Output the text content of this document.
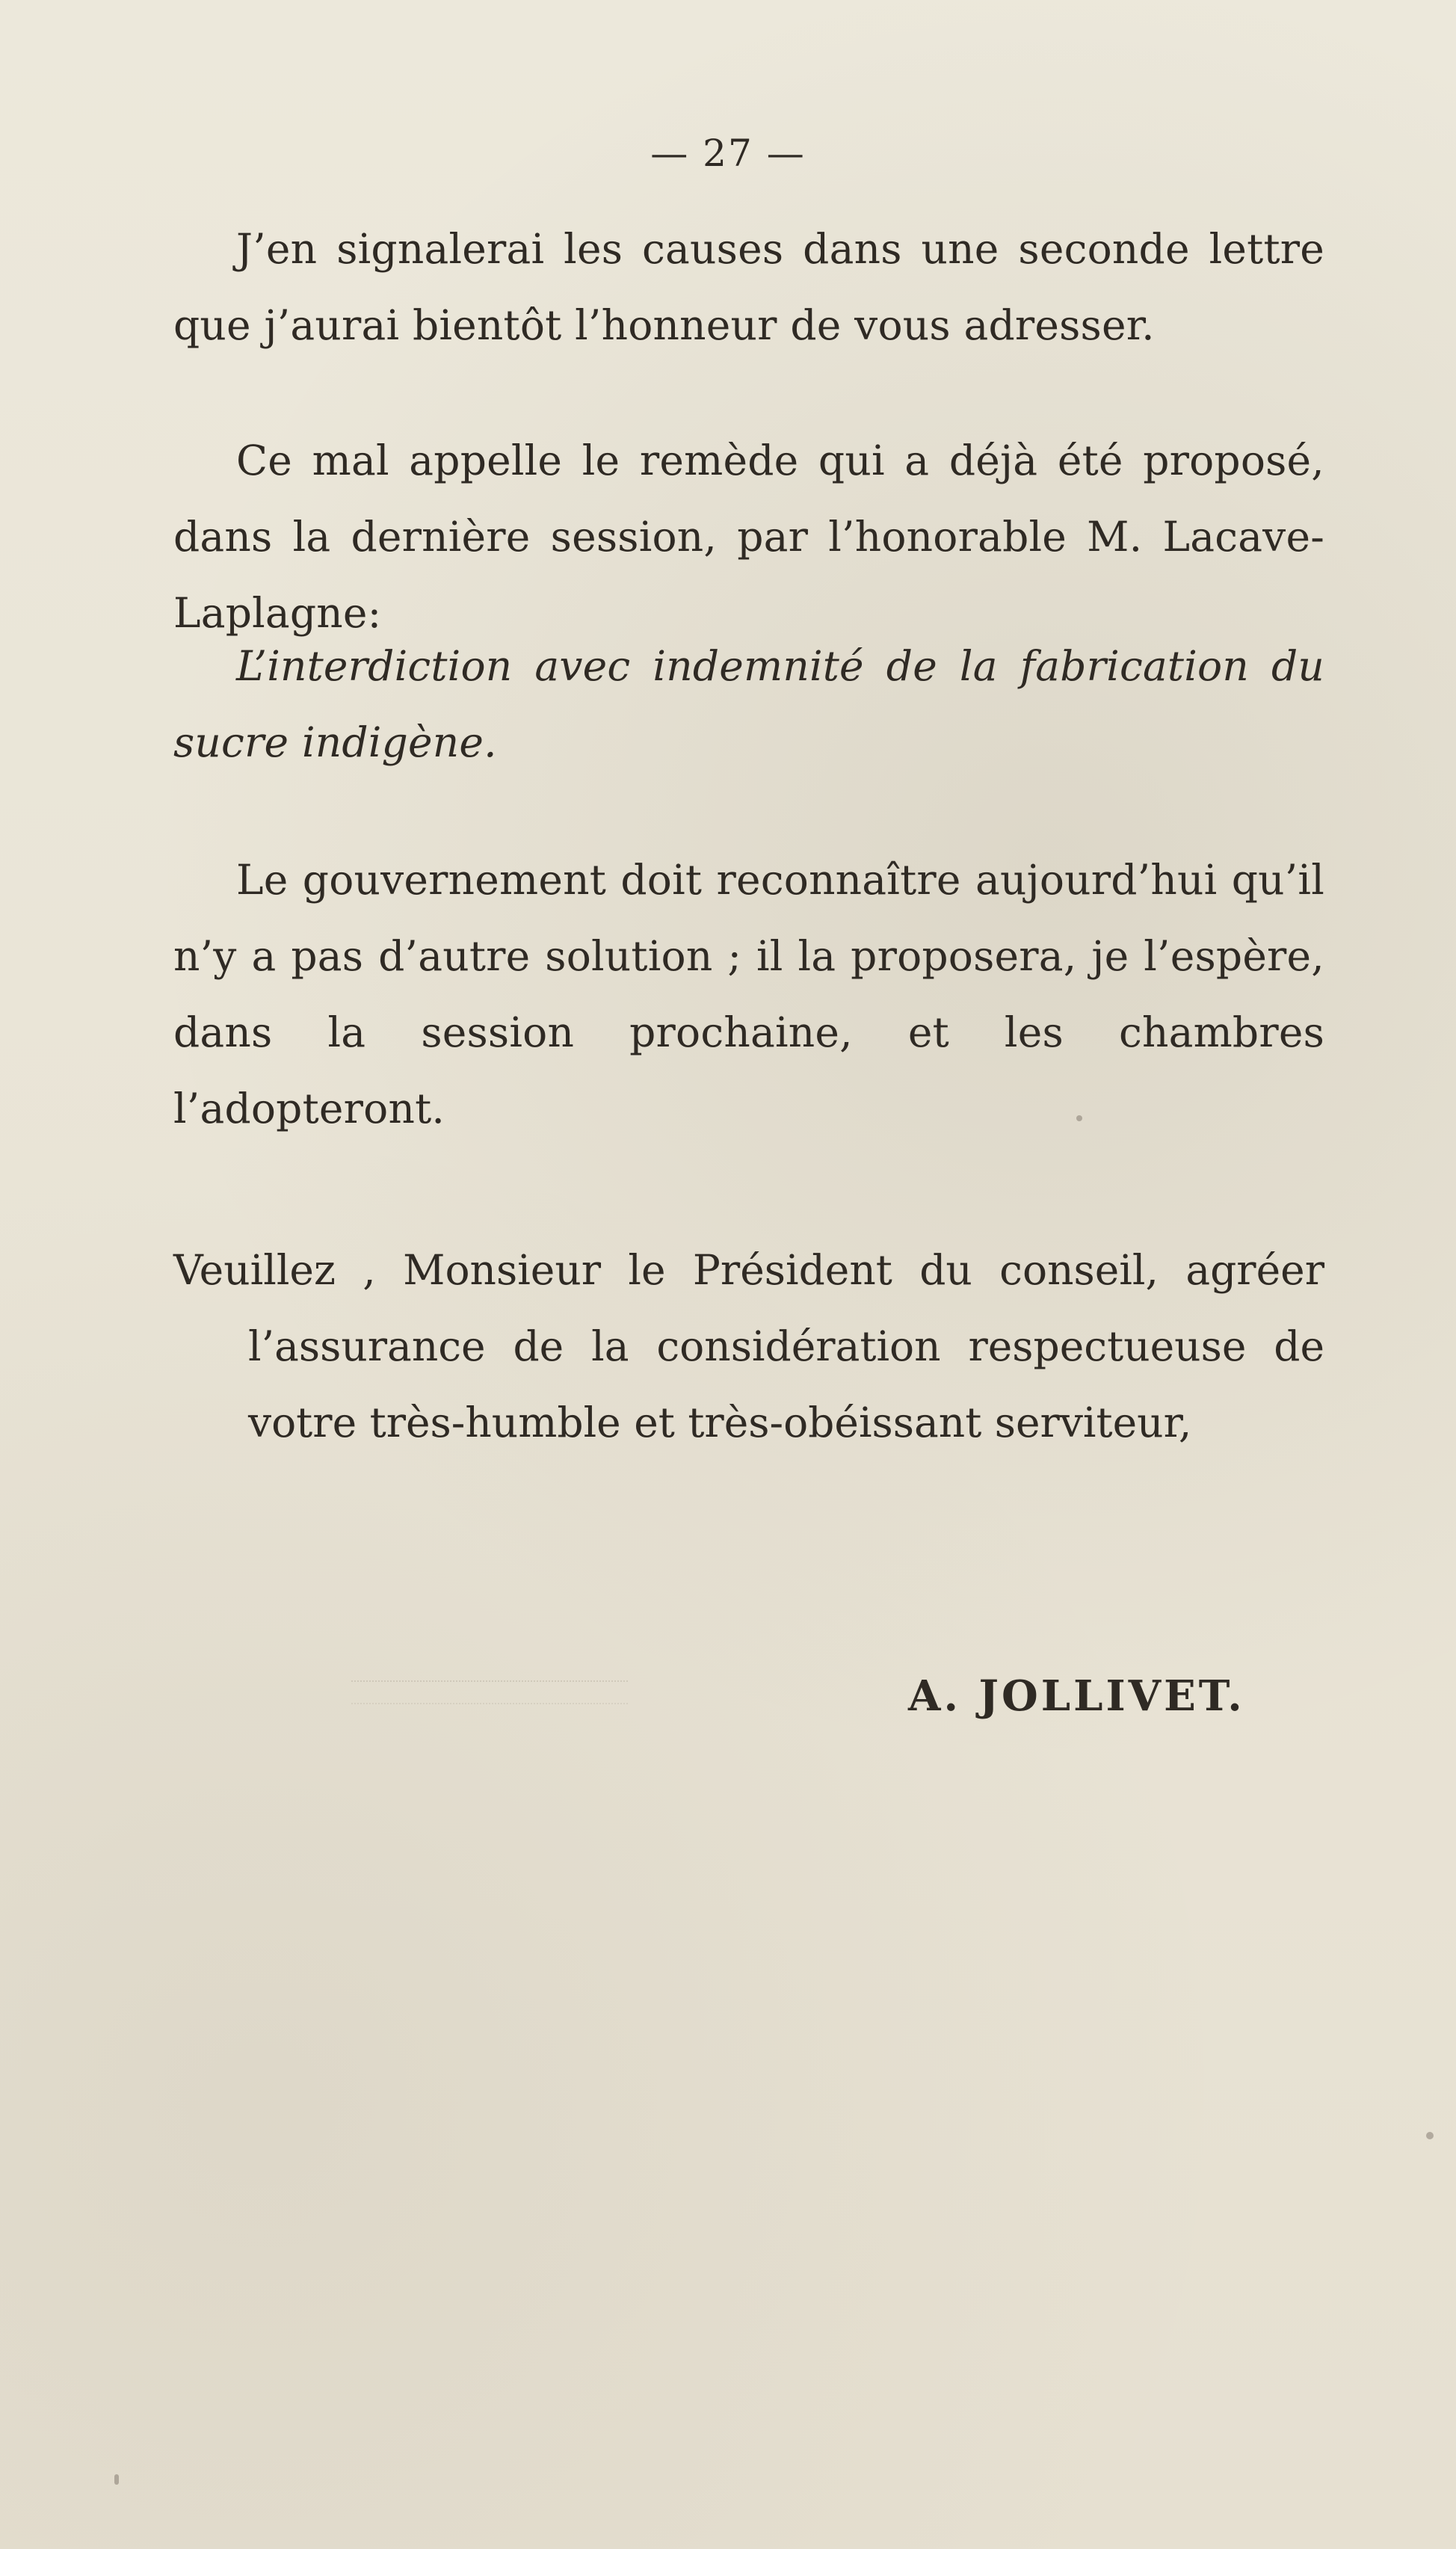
— 27 —

J’en signalerai les causes dans une seconde lettre que j’aurai bientôt l’honneur de vous adresser.

Ce mal appelle le remède qui a déjà été proposé, dans la dernière session, par l’honorable M. Lacave-Laplagne:

L’interdiction avec indemnité de la fabrication du sucre indigène.

Le gouvernement doit reconnaître aujourd’hui qu’il n’y a pas d’autre solution ; il la proposera, je l’espère, dans la session prochaine, et les chambres l’adopteront.

Veuillez , Monsieur le Président du conseil, agréer l’assurance de la considération respectueuse de votre très-humble et très-obéissant serviteur,

A. JOLLIVET.
